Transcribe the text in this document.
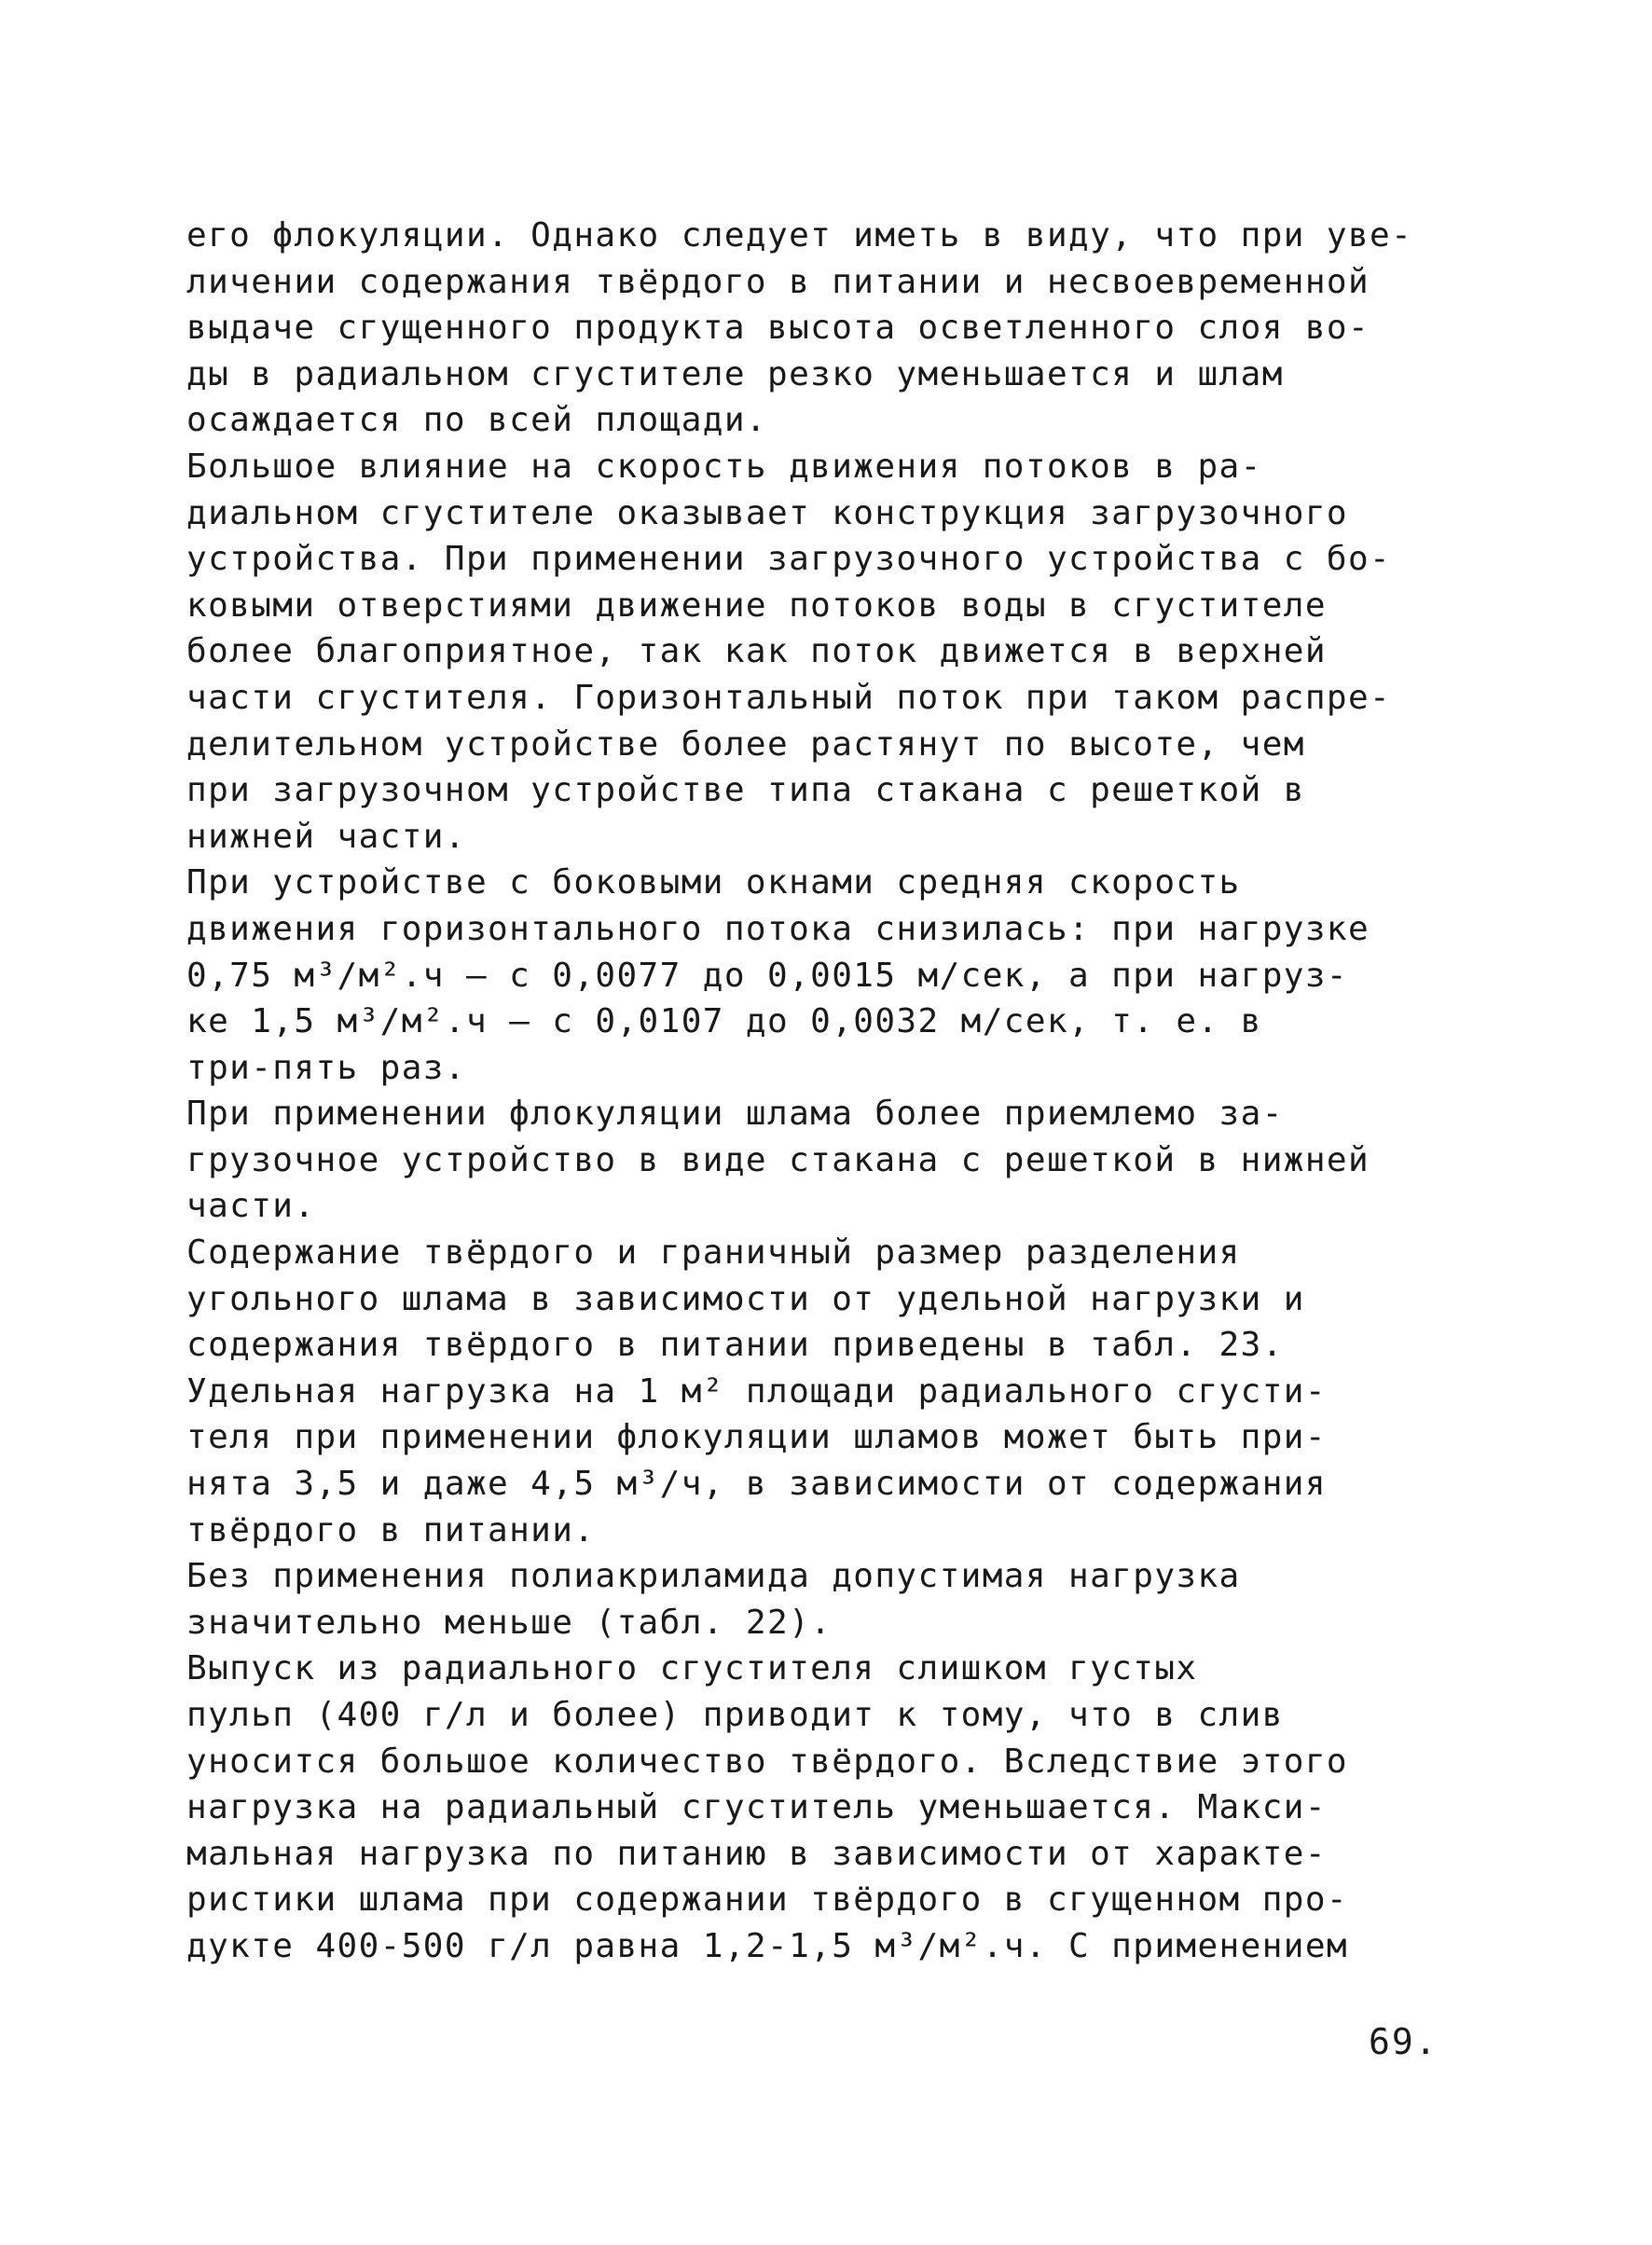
его флокуляции. Однако следует иметь в виду, что при уве-
личении содержания твёрдого в питании и несвоевременной
выдаче сгущенного продукта высота осветленного слоя во-
ды в радиальном сгустителе резко уменьшается и шлам
осаждается по всей площади.
Большое влияние на скорость движения потоков в ра-
диальном сгустителе оказывает конструкция загрузочного
устройства. При применении загрузочного устройства с бо-
ковыми отверстиями движение потоков воды в сгустителе
более благоприятное, так как поток движется в верхней
части сгустителя. Горизонтальный поток при таком распре-
делительном устройстве более растянут по высоте, чем
при загрузочном устройстве типа стакана с решеткой в
нижней части.
При устройстве с боковыми окнами средняя скорость
движения горизонтального потока снизилась: при нагрузке
0,75 м³/м².ч – с 0,0077 до 0,0015 м/сек, а при нагруз-
ке 1,5 м³/м².ч – с 0,0107 до 0,0032 м/сек, т. е. в
три-пять раз.
При применении флокуляции шлама более приемлемо за-
грузочное устройство в виде стакана с решеткой в нижней
части.
Содержание твёрдого и граничный размер разделения
угольного шлама в зависимости от удельной нагрузки и
содержания твёрдого в питании приведены в табл. 23.
Удельная нагрузка на 1 м² площади радиального сгусти-
теля при применении флокуляции шламов может быть при-
нята 3,5 и даже 4,5 м³/ч, в зависимости от содержания
твёрдого в питании.
Без применения полиакриламида допустимая нагрузка
значительно меньше (табл. 22).
Выпуск из радиального сгустителя слишком густых
пульп (400 г/л и более) приводит к тому, что в слив
уносится большое количество твёрдого. Вследствие этого
нагрузка на радиальный сгуститель уменьшается. Макси-
мальная нагрузка по питанию в зависимости от характе-
ристики шлама при содержании твёрдого в сгущенном про-
дукте 400-500 г/л равна 1,2-1,5 м³/м².ч. С применением
69.
